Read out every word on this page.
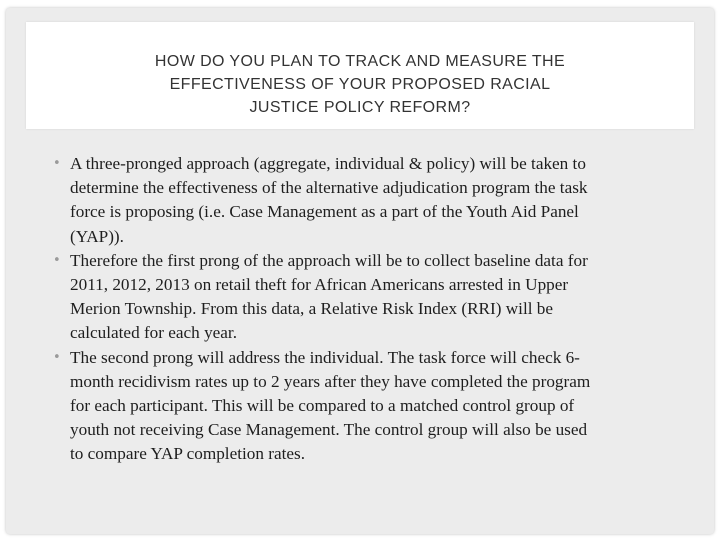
HOW DO YOU PLAN TO TRACK AND MEASURE THE
EFFECTIVENESS OF YOUR PROPOSED RACIAL
JUSTICE POLICY REFORM?
• A three-pronged approach (aggregate, individual & policy) will be taken to
determine the effectiveness of the alternative adjudication program the task
force is proposing (i.e. Case Management as a part of the Youth Aid Panel
(YAP)).
• Therefore the first prong of the approach will be to collect baseline data for
2011, 2012, 2013 on retail theft for African Americans arrested in Upper
Merion Township. From this data, a Relative Risk Index (RRI) will be
calculated for each year.
• The second prong will address the individual. The task force will check 6-
month recidivism rates up to 2 years after they have completed the program
for each participant. This will be compared to a matched control group of
youth not receiving Case Management. The control group will also be used
to compare YAP completion rates.
